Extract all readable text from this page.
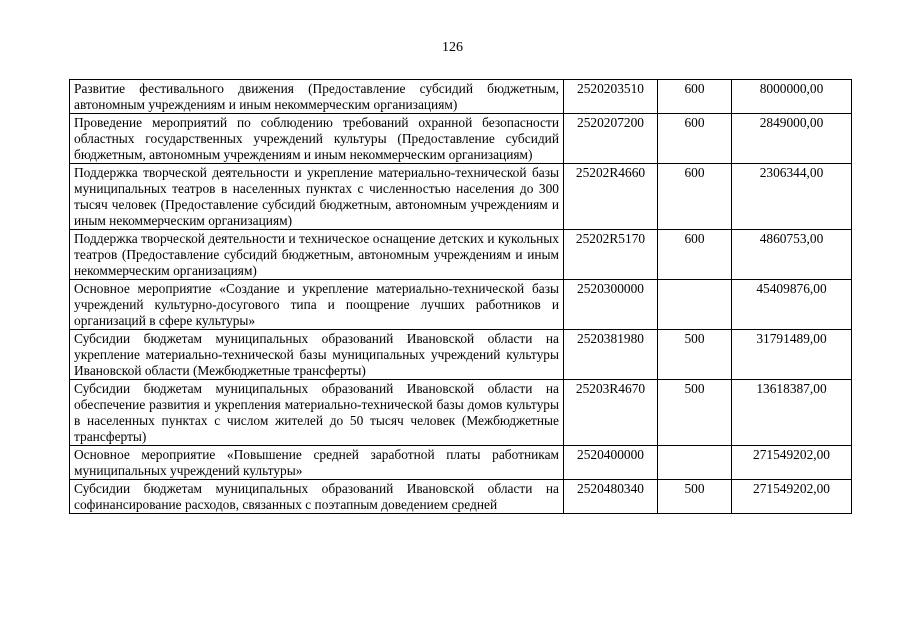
126
Развитие фестивального движения (Предоставление субсидий бюджетным, автономным учреждениям и иным некоммерческим организациям)	2520203510	600	8000000,00
Проведение мероприятий по соблюдению требований охранной безопасности областных государственных учреждений культуры (Предоставление субсидий бюджетным, автономным учреждениям и иным некоммерческим организациям)	2520207200	600	2849000,00
Поддержка творческой деятельности и укрепление материально-технической базы муниципальных театров в населенных пунктах с численностью населения до 300 тысяч человек (Предоставление субсидий бюджетным, автономным учреждениям и иным некоммерческим организациям)	25202R4660	600	2306344,00
Поддержка творческой деятельности и техническое оснащение детских и кукольных театров (Предоставление субсидий бюджетным, автономным учреждениям и иным некоммерческим организациям)	25202R5170	600	4860753,00
Основное мероприятие «Создание и укрепление материально-технической базы учреждений культурно-досугового типа и поощрение лучших работников и организаций в сфере культуры»	2520300000		45409876,00
Субсидии бюджетам муниципальных образований Ивановской области на укрепление материально-технической базы муниципальных учреждений культуры Ивановской области (Межбюджетные трансферты)	2520381980	500	31791489,00
Субсидии бюджетам муниципальных образований Ивановской области на обеспечение развития и укрепления материально-технической базы домов культуры в населенных пунктах с числом жителей до 50 тысяч человек (Межбюджетные трансферты)	25203R4670	500	13618387,00
Основное мероприятие «Повышение средней заработной платы работникам муниципальных учреждений культуры»	2520400000		271549202,00
Субсидии бюджетам муниципальных образований Ивановской области на софинансирование расходов, связанных с поэтапным доведением средней	2520480340	500	271549202,00
